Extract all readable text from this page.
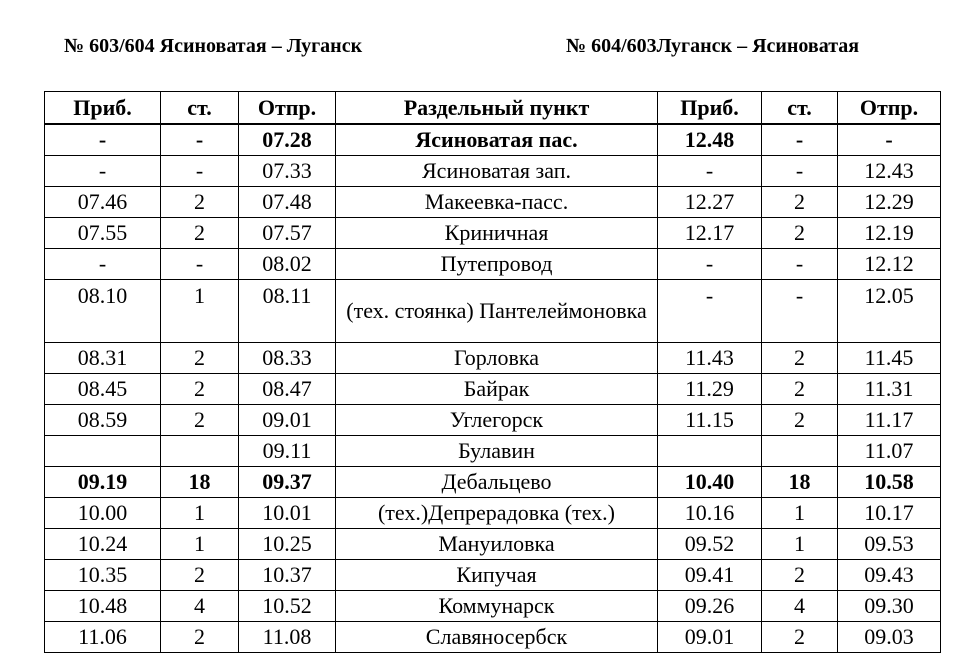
№ 603/604 Ясиноватая – Луганск	№ 604/603Луганск – Ясиноватая
Приб.	ст.	Отпр.	Раздельный пункт	Приб.	ст.	Отпр.
-	-	07.28	Ясиноватая пас.	12.48	-	-
-	-	07.33	Ясиноватая зап.	-	-	12.43
07.46	2	07.48	Макеевка-пасс.	12.27	2	12.29
07.55	2	07.57	Криничная	12.17	2	12.19
-	-	08.02	Путепровод	-	-	12.12
08.10	1	08.11	(тех. стоянка) Пантелеймоновка	-	-	12.05
08.31	2	08.33	Горловка	11.43	2	11.45
08.45	2	08.47	Байрак	11.29	2	11.31
08.59	2	09.01	Углегорск	11.15	2	11.17
		09.11	Булавин			11.07
09.19	18	09.37	Дебальцево	10.40	18	10.58
10.00	1	10.01	(тех.)Депрерадовка (тех.)	10.16	1	10.17
10.24	1	10.25	Мануиловка	09.52	1	09.53
10.35	2	10.37	Кипучая	09.41	2	09.43
10.48	4	10.52	Коммунарск	09.26	4	09.30
11.06	2	11.08	Славяносербск	09.01	2	09.03
